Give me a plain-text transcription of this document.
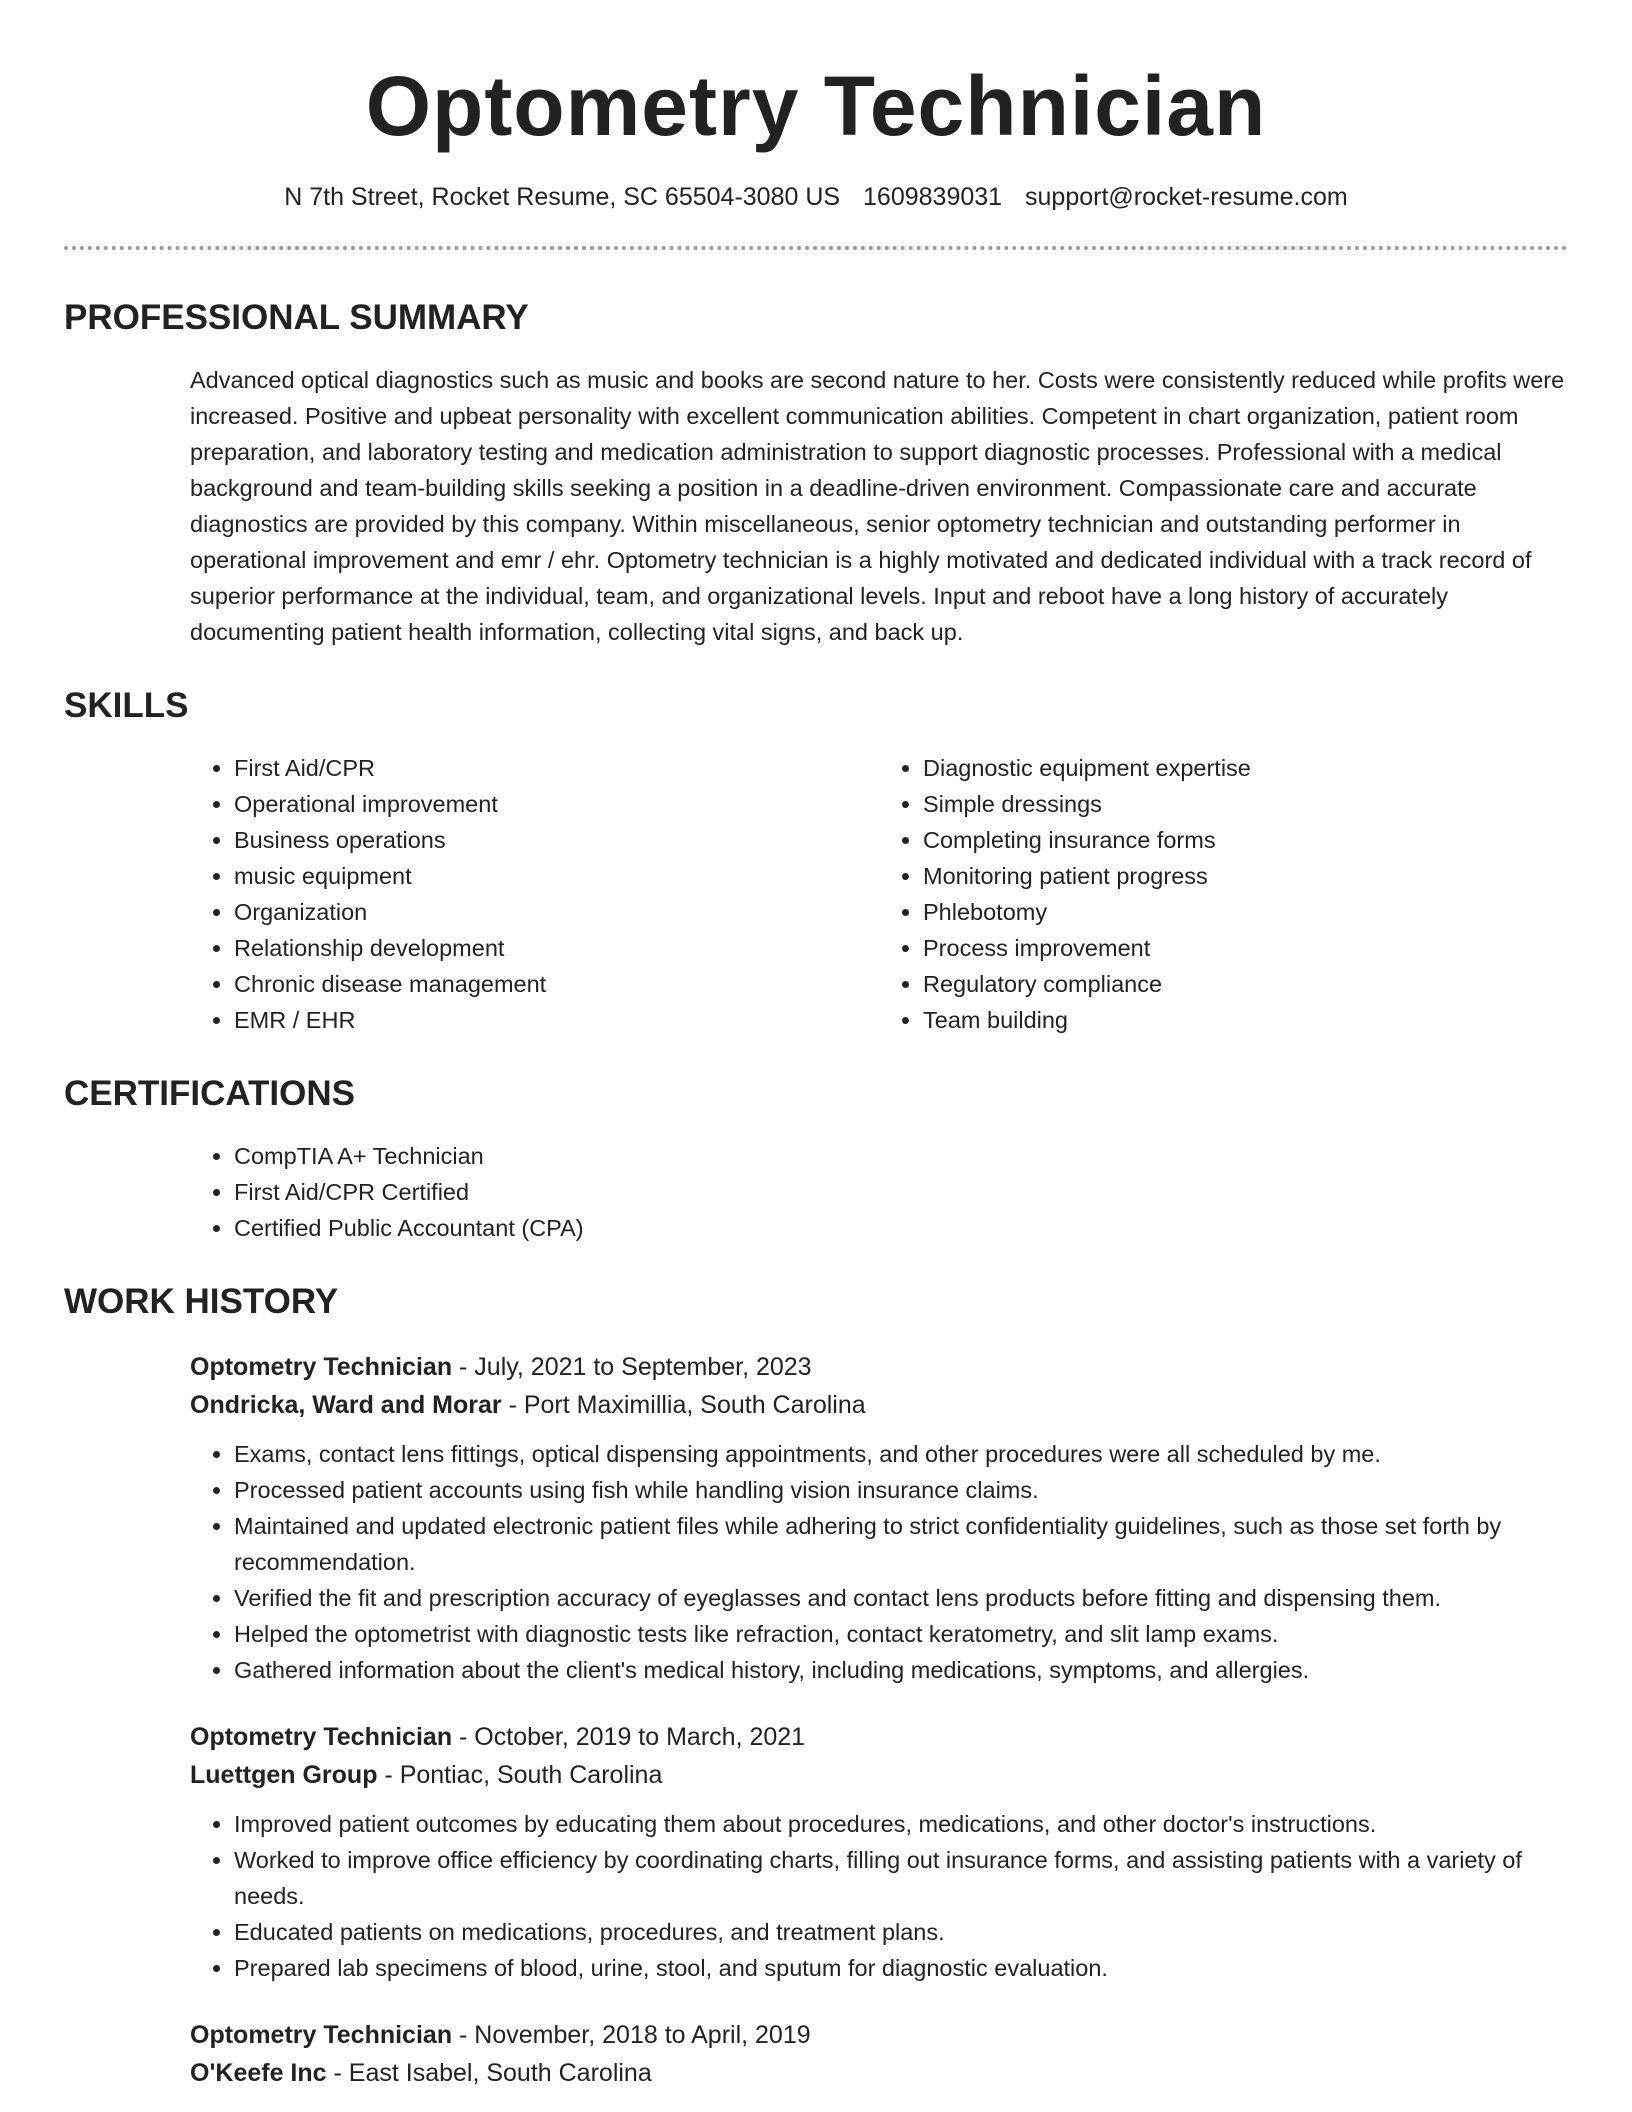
Optometry Technician
N 7th Street, Rocket Resume, SC 65504-3080 US 1609839031 support@rocket-resume.com
PROFESSIONAL SUMMARY

Advanced optical diagnostics such as music and books are second nature to her. Costs were consistently reduced while profits were increased. Positive and upbeat personality with excellent communication abilities. Competent in chart organization, patient room preparation, and laboratory testing and medication administration to support diagnostic processes. Professional with a medical background and team-building skills seeking a position in a deadline-driven environment. Compassionate care and accurate diagnostics are provided by this company. Within miscellaneous, senior optometry technician and outstanding performer in operational improvement and emr / ehr. Optometry technician is a highly motivated and dedicated individual with a track record of superior performance at the individual, team, and organizational levels. Input and reboot have a long history of accurately documenting patient health information, collecting vital signs, and back up.

SKILLS
• First Aid/CPR
• Operational improvement
• Business operations
• music equipment
• Organization
• Relationship development
• Chronic disease management
• EMR / EHR
• Diagnostic equipment expertise
• Simple dressings
• Completing insurance forms
• Monitoring patient progress
• Phlebotomy
• Process improvement
• Regulatory compliance
• Team building
CERTIFICATIONS
• CompTIA A+ Technician
• First Aid/CPR Certified
• Certified Public Accountant (CPA)
WORK HISTORY
Optometry Technician - July, 2021 to September, 2023
Ondricka, Ward and Morar - Port Maximillia, South Carolina
• Exams, contact lens fittings, optical dispensing appointments, and other procedures were all scheduled by me.
• Processed patient accounts using fish while handling vision insurance claims.
• Maintained and updated electronic patient files while adhering to strict confidentiality guidelines, such as those set forth by recommendation.
• Verified the fit and prescription accuracy of eyeglasses and contact lens products before fitting and dispensing them.
• Helped the optometrist with diagnostic tests like refraction, contact keratometry, and slit lamp exams.
• Gathered information about the client's medical history, including medications, symptoms, and allergies.
Optometry Technician - October, 2019 to March, 2021
Luettgen Group - Pontiac, South Carolina
• Improved patient outcomes by educating them about procedures, medications, and other doctor's instructions.
• Worked to improve office efficiency by coordinating charts, filling out insurance forms, and assisting patients with a variety of needs.
• Educated patients on medications, procedures, and treatment plans.
• Prepared lab specimens of blood, urine, stool, and sputum for diagnostic evaluation.
Optometry Technician - November, 2018 to April, 2019
O'Keefe Inc - East Isabel, South Carolina
